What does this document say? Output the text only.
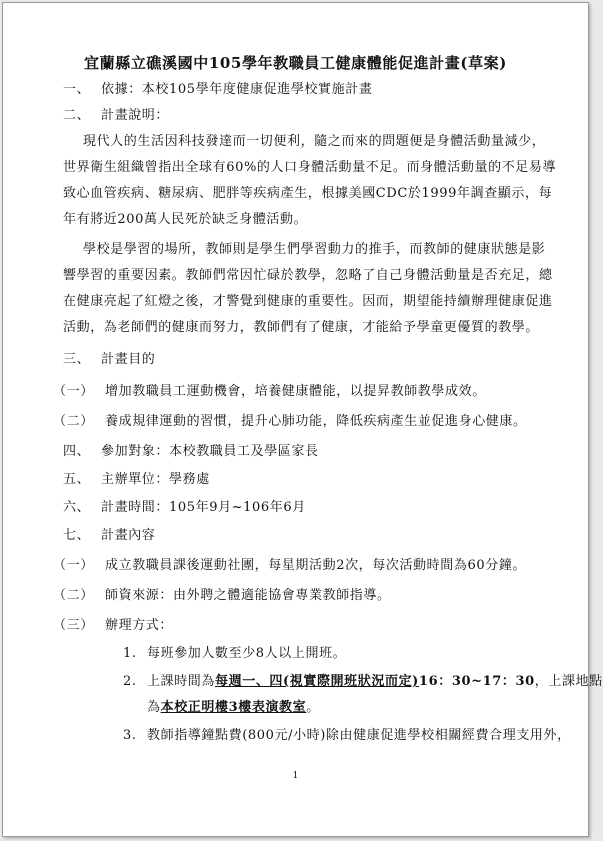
宜蘭縣立礁溪國中105學年教職員工健康體能促進計畫(草案)
一、 依據：本校105學年度健康促進學校實施計畫
二、 計畫說明：
現代人的生活因科技發達而一切便利，隨之而來的問題便是身體活動量減少，
世界衛生組織曾指出全球有60%的人口身體活動量不足。而身體活動量的不足易導
致心血管疾病、糖尿病、肥胖等疾病產生，根據美國CDC於1999年調查顯示，每
年有將近200萬人民死於缺乏身體活動。
學校是學習的場所，教師則是學生們學習動力的推手，而教師的健康狀態是影
響學習的重要因素。教師們常因忙碌於教學，忽略了自己身體活動量是否充足，總
在健康亮起了紅燈之後，才警覺到健康的重要性。因而，期望能持續辦理健康促進
活動，為老師們的健康而努力，教師們有了健康，才能給予學童更優質的教學。
三、 計畫目的
（一） 增加教職員工運動機會，培養健康體能，以提昇教師教學成效。
（二） 養成規律運動的習慣，提升心肺功能，降低疾病產生並促進身心健康。
四、 參加對象：本校教職員工及學區家長
五、 主辦單位：學務處
六、 計畫時間：105年9月~106年6月
七、 計畫內容
（一） 成立教職員課後運動社團，每星期活動2次，每次活動時間為60分鐘。
（二） 師資來源：由外聘之體適能協會專業教師指導。
（三） 辦理方式：
1. 每班參加人數至少8人以上開班。
2. 上課時間為每週一、四(視實際開班狀況而定)16：30~17：30，上課地點
為本校正明樓3樓表演教室。
3. 教師指導鐘點費(800元/小時)除由健康促進學校相關經費合理支用外，
1
